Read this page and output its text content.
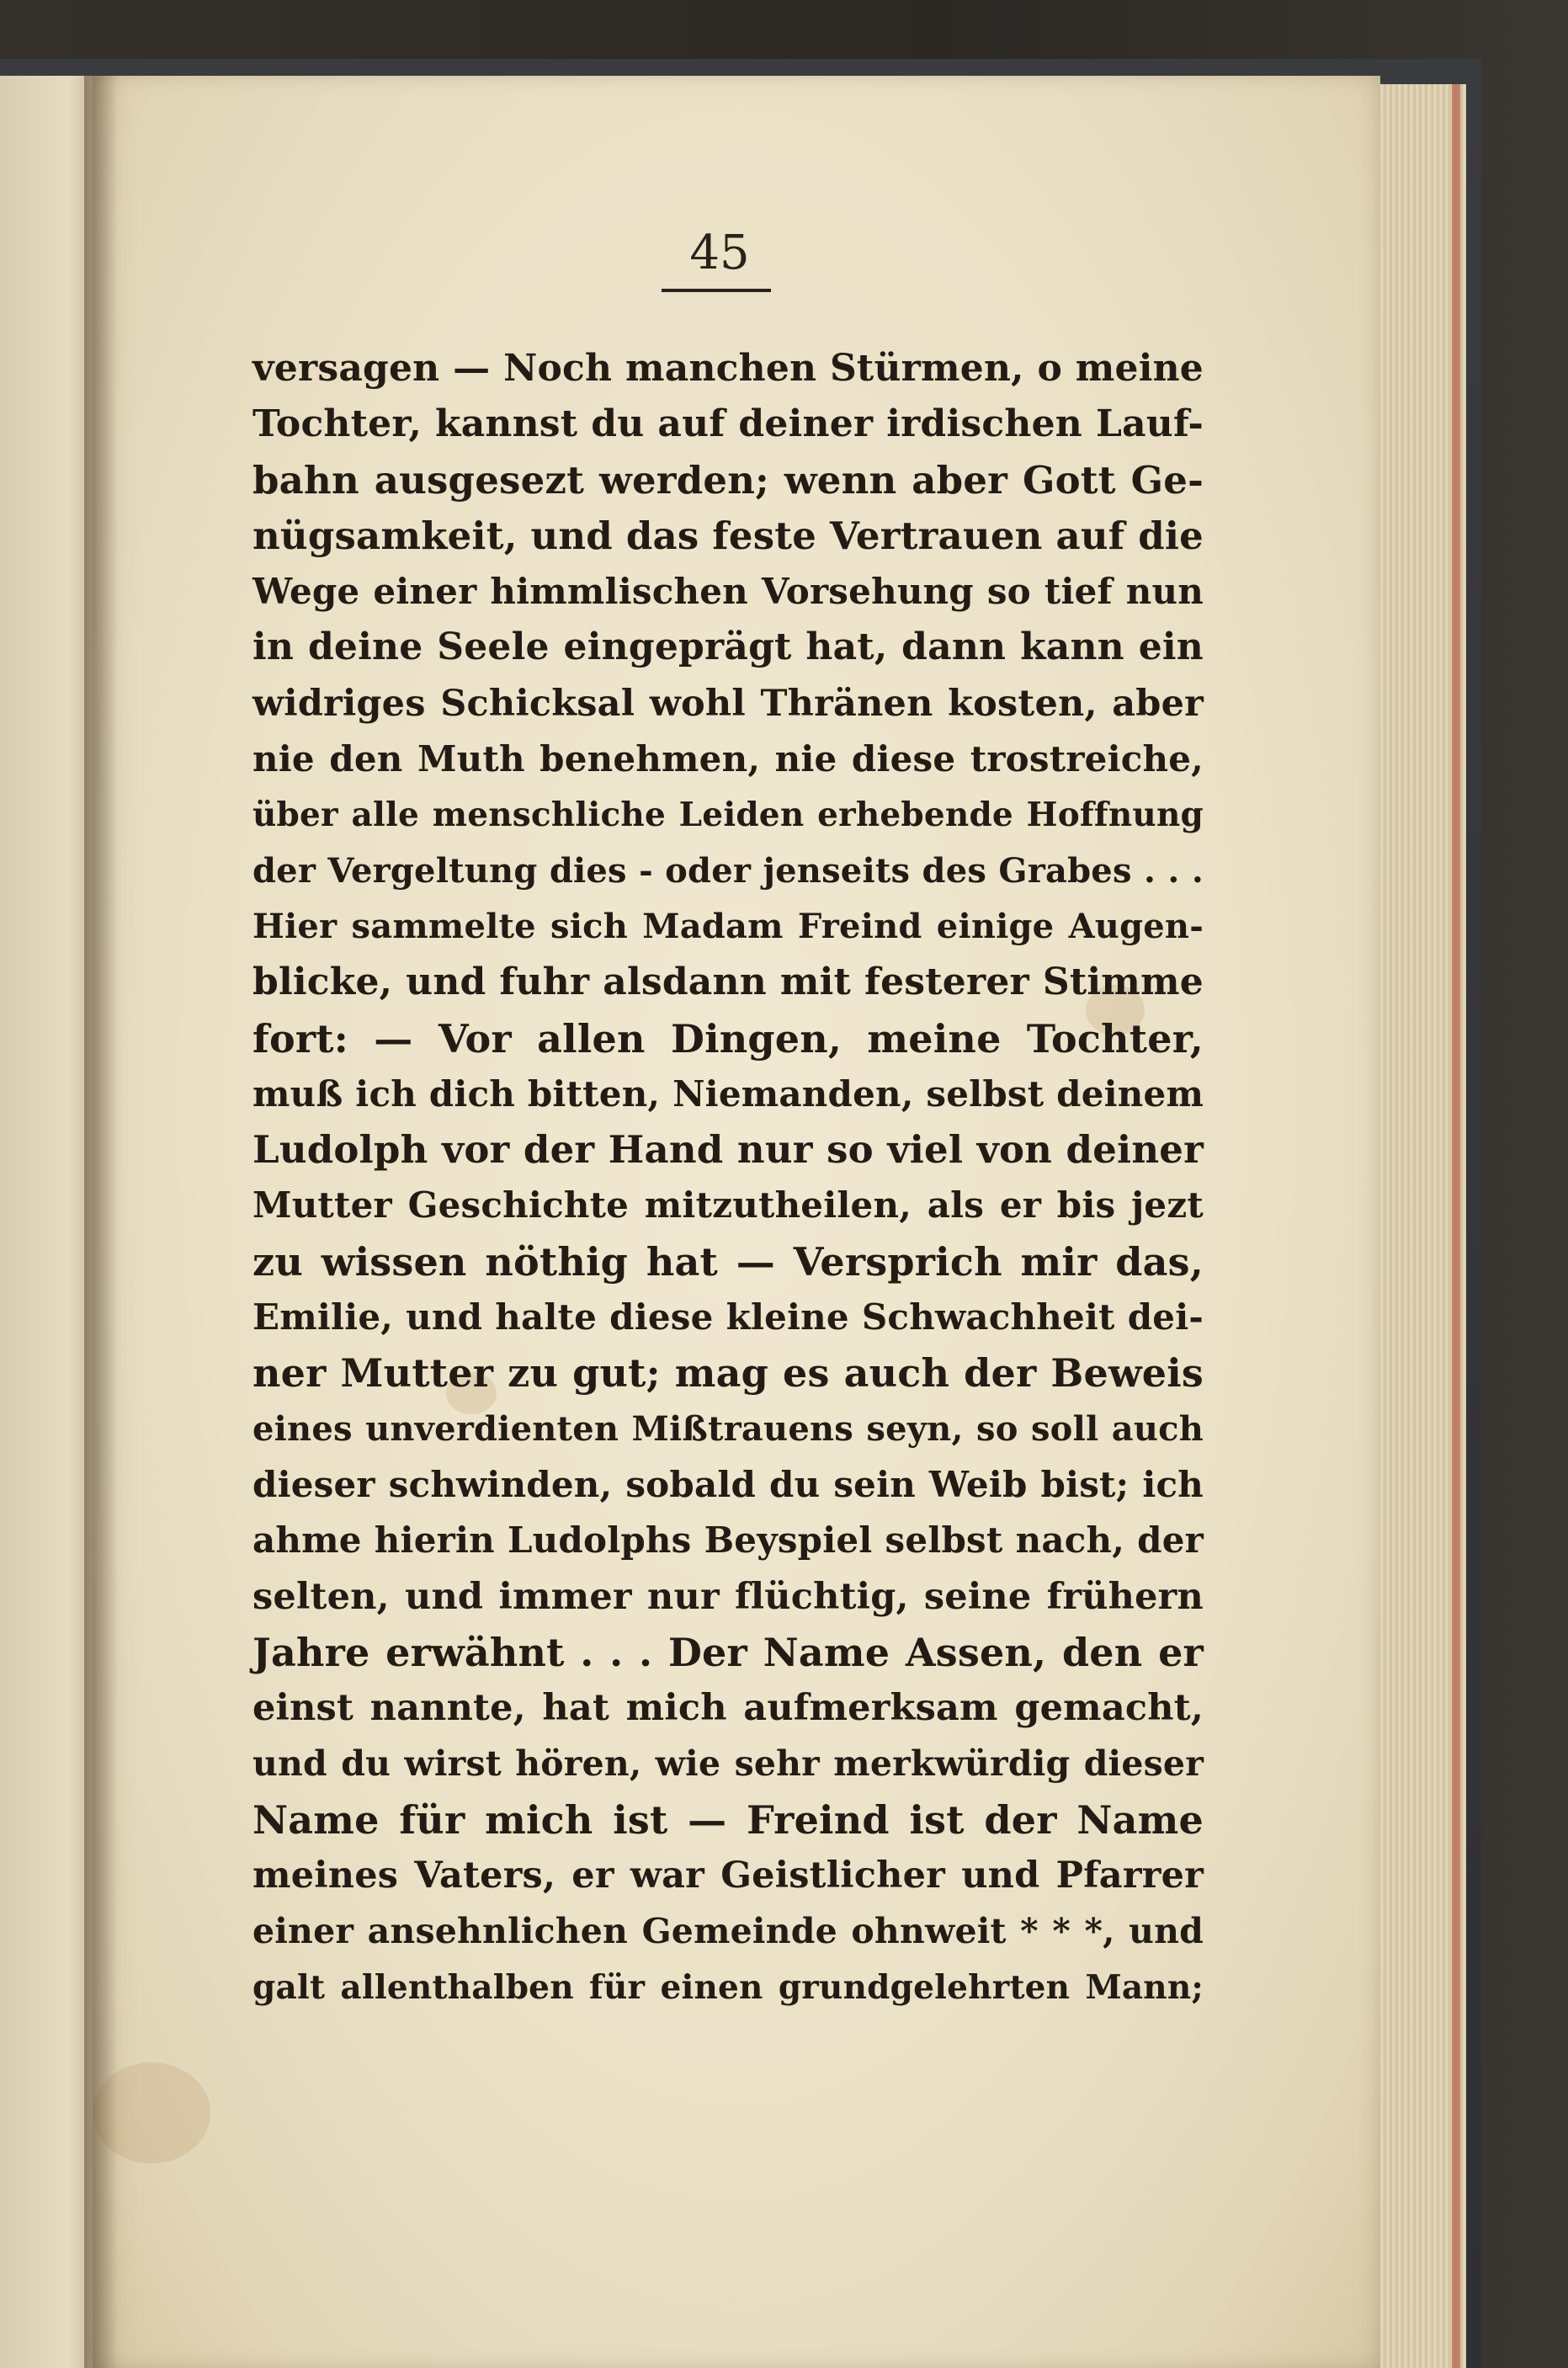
45

versagen — Noch manchen Stürmen, o meine
Tochter, kannst du auf deiner irdischen Lauf-
bahn ausgesezt werden; wenn aber Gott Ge-
nügsamkeit, und das feste Vertrauen auf die
Wege einer himmlischen Vorsehung so tief nun
in deine Seele eingeprägt hat, dann kann ein
widriges Schicksal wohl Thränen kosten, aber
nie den Muth benehmen, nie diese trostreiche,
über alle menschliche Leiden erhebende Hoffnung
der Vergeltung dies - oder jenseits des Grabes . . .
Hier sammelte sich Madam Freind einige Augen-
blicke, und fuhr alsdann mit festerer Stimme
fort: — Vor allen Dingen, meine Tochter,
muß ich dich bitten, Niemanden, selbst deinem
Ludolph vor der Hand nur so viel von deiner
Mutter Geschichte mitzutheilen, als er bis jezt
zu wissen nöthig hat — Versprich mir das,
Emilie, und halte diese kleine Schwachheit dei-
ner Mutter zu gut; mag es auch der Beweis
eines unverdienten Mißtrauens seyn, so soll auch
dieser schwinden, sobald du sein Weib bist; ich
ahme hierin Ludolphs Beyspiel selbst nach, der
selten, und immer nur flüchtig, seine frühern
Jahre erwähnt . . . Der Name Assen, den er
einst nannte, hat mich aufmerksam gemacht,
und du wirst hören, wie sehr merkwürdig dieser
Name für mich ist — Freind ist der Name
meines Vaters, er war Geistlicher und Pfarrer
einer ansehnlichen Gemeinde ohnweit * * *, und
galt allenthalben für einen grundgelehrten Mann;
